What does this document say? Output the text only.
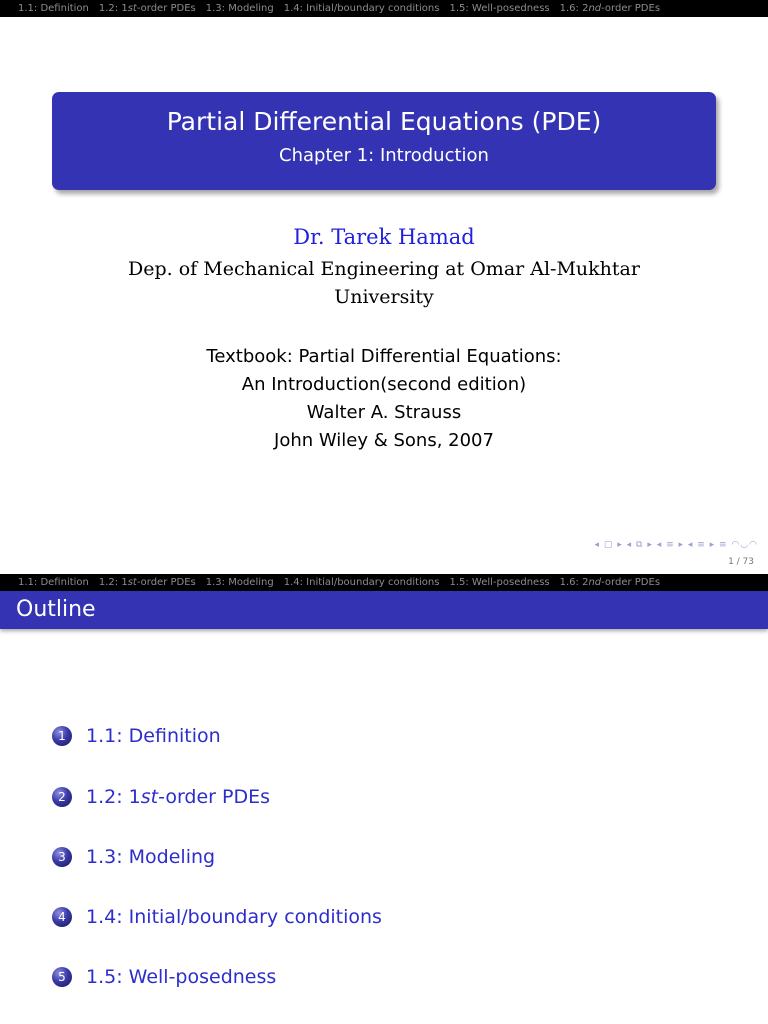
1.1: Definition 1.2: 1st-order PDEs 1.3: Modeling 1.4: Initial/boundary conditions 1.5: Well-posedness 1.6: 2nd-order PDEs
Partial Differential Equations (PDE)
Chapter 1: Introduction
Dr. Tarek Hamad
Dep. of Mechanical Engineering at Omar Al-Mukhtar University
Textbook: Partial Differential Equations:
An Introduction(second edition)
Walter A. Strauss
John Wiley & Sons, 2007
◂ ▢ ▸ ◂ ⧉ ▸ ◂ ≡ ▸ ◂ ≡ ▸ ≡ ◠◡◠
1 / 73
1.1: Definition 1.2: 1st-order PDEs 1.3: Modeling 1.4: Initial/boundary conditions 1.5: Well-posedness 1.6: 2nd-order PDEs
Outline
1	1.1: Definition
2	1.2: 1st-order PDEs
3	1.3: Modeling
4	1.4: Initial/boundary conditions
5	1.5: Well-posedness
